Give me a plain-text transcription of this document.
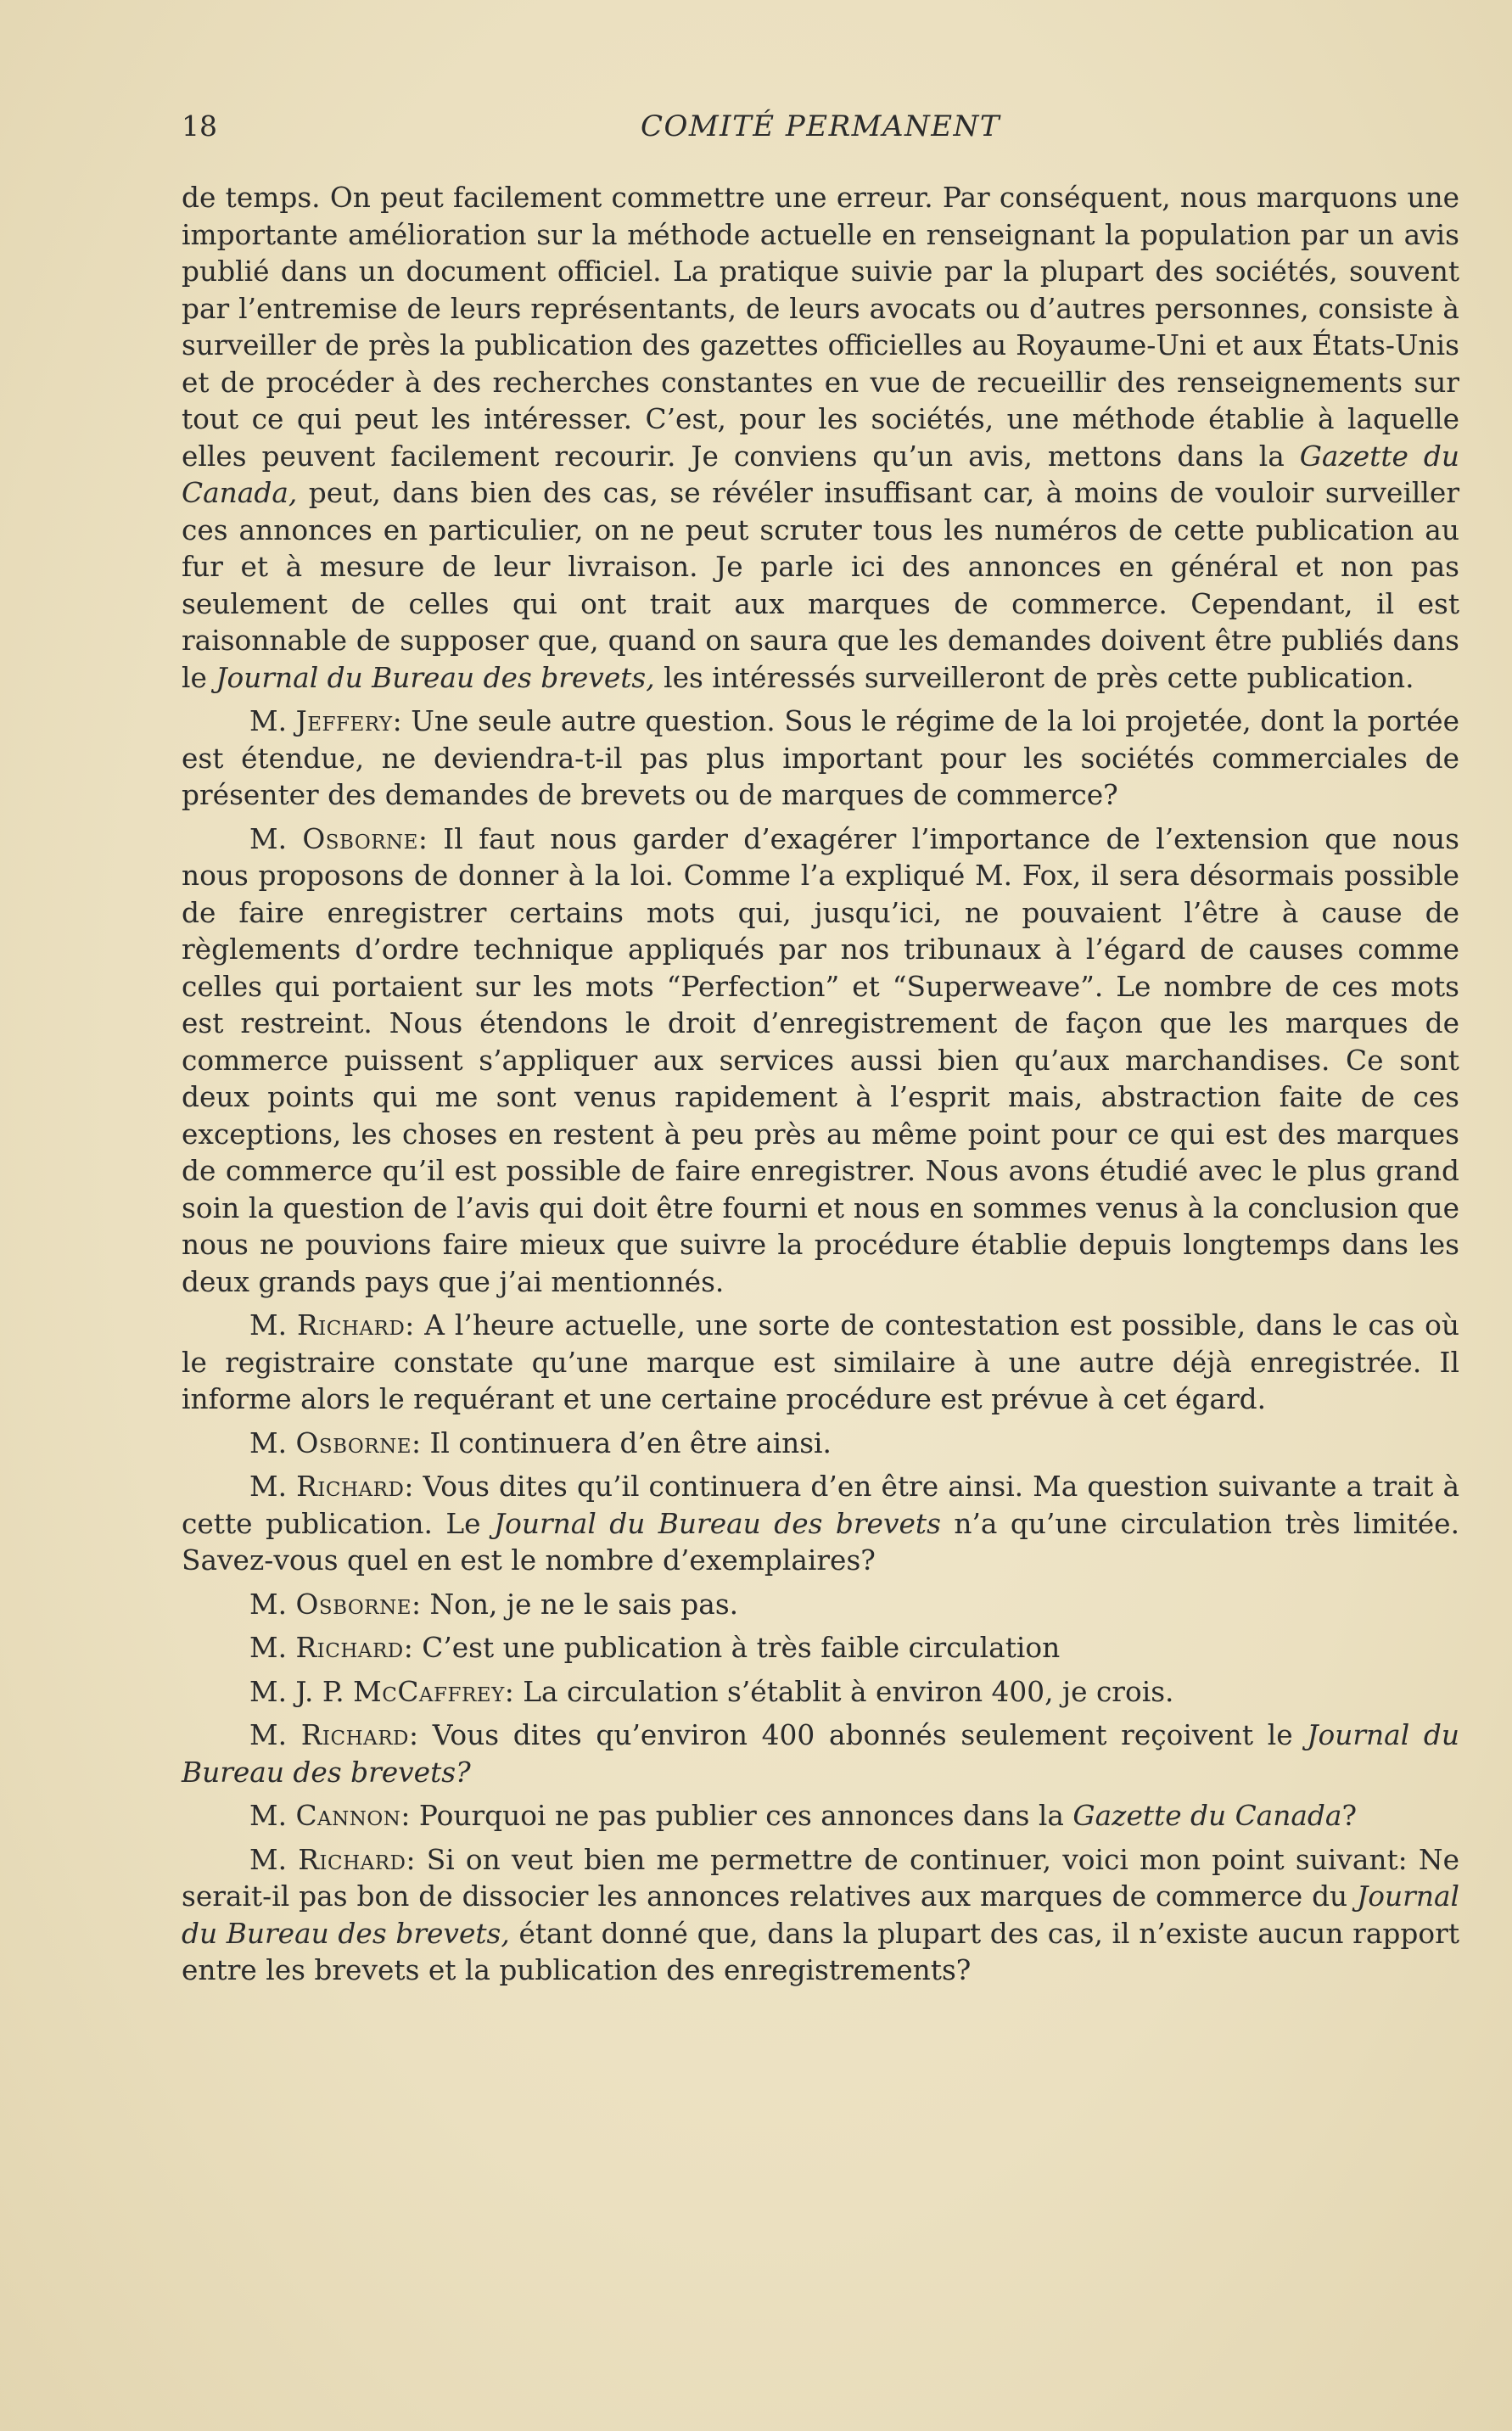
18	COMITÉ PERMANENT

de temps. On peut facilement commettre une erreur. Par conséquent, nous marquons une importante amélioration sur la méthode actuelle en renseignant la population par un avis publié dans un document officiel. La pratique suivie par la plupart des sociétés, souvent par l’entremise de leurs représentants, de leurs avocats ou d’autres personnes, consiste à surveiller de près la publication des gazettes officielles au Royaume-Uni et aux États-Unis et de procéder à des recherches constantes en vue de recueillir des renseignements sur tout ce qui peut les intéresser. C’est, pour les sociétés, une méthode établie à laquelle elles peuvent facilement recourir. Je conviens qu’un avis, mettons dans la Gazette du Canada, peut, dans bien des cas, se révéler insuffisant car, à moins de vouloir surveiller ces annonces en particulier, on ne peut scruter tous les numéros de cette publication au fur et à mesure de leur livraison. Je parle ici des annonces en général et non pas seulement de celles qui ont trait aux marques de commerce. Cependant, il est raisonnable de supposer que, quand on saura que les demandes doivent être publiés dans le Journal du Bureau des brevets, les intéressés surveilleront de près cette publication.

M. Jeffery: Une seule autre question. Sous le régime de la loi projetée, dont la portée est étendue, ne deviendra-t-il pas plus important pour les sociétés commerciales de présenter des demandes de brevets ou de marques de commerce?

M. Osborne: Il faut nous garder d’exagérer l’importance de l’extension que nous nous proposons de donner à la loi. Comme l’a expliqué M. Fox, il sera désormais possible de faire enregistrer certains mots qui, jusqu’ici, ne pouvaient l’être à cause de règlements d’ordre technique appliqués par nos tribunaux à l’égard de causes comme celles qui portaient sur les mots “Perfection” et “Superweave”. Le nombre de ces mots est restreint. Nous étendons le droit d’enregistrement de façon que les marques de commerce puissent s’appliquer aux services aussi bien qu’aux marchandises. Ce sont deux points qui me sont venus rapidement à l’esprit mais, abstraction faite de ces exceptions, les choses en restent à peu près au même point pour ce qui est des marques de commerce qu’il est possible de faire enregistrer. Nous avons étudié avec le plus grand soin la question de l’avis qui doit être fourni et nous en sommes venus à la conclusion que nous ne pouvions faire mieux que suivre la procédure établie depuis longtemps dans les deux grands pays que j’ai mentionnés.

M. Richard: A l’heure actuelle, une sorte de contestation est possible, dans le cas où le registraire constate qu’une marque est similaire à une autre déjà enregistrée. Il informe alors le requérant et une certaine procédure est prévue à cet égard.

M. Osborne: Il continuera d’en être ainsi.

M. Richard: Vous dites qu’il continuera d’en être ainsi. Ma question suivante a trait à cette publication. Le Journal du Bureau des brevets n’a qu’une circulation très limitée. Savez-vous quel en est le nombre d’exemplaires?

M. Osborne: Non, je ne le sais pas.

M. Richard: C’est une publication à très faible circulation

M. J. P. McCaffrey: La circulation s’établit à environ 400, je crois.

M. Richard: Vous dites qu’environ 400 abonnés seulement reçoivent le Journal du Bureau des brevets?

M. Cannon: Pourquoi ne pas publier ces annonces dans la Gazette du Canada?

M. Richard: Si on veut bien me permettre de continuer, voici mon point suivant: Ne serait-il pas bon de dissocier les annonces relatives aux marques de commerce du Journal du Bureau des brevets, étant donné que, dans la plupart des cas, il n’existe aucun rapport entre les brevets et la publication des enregistrements?
